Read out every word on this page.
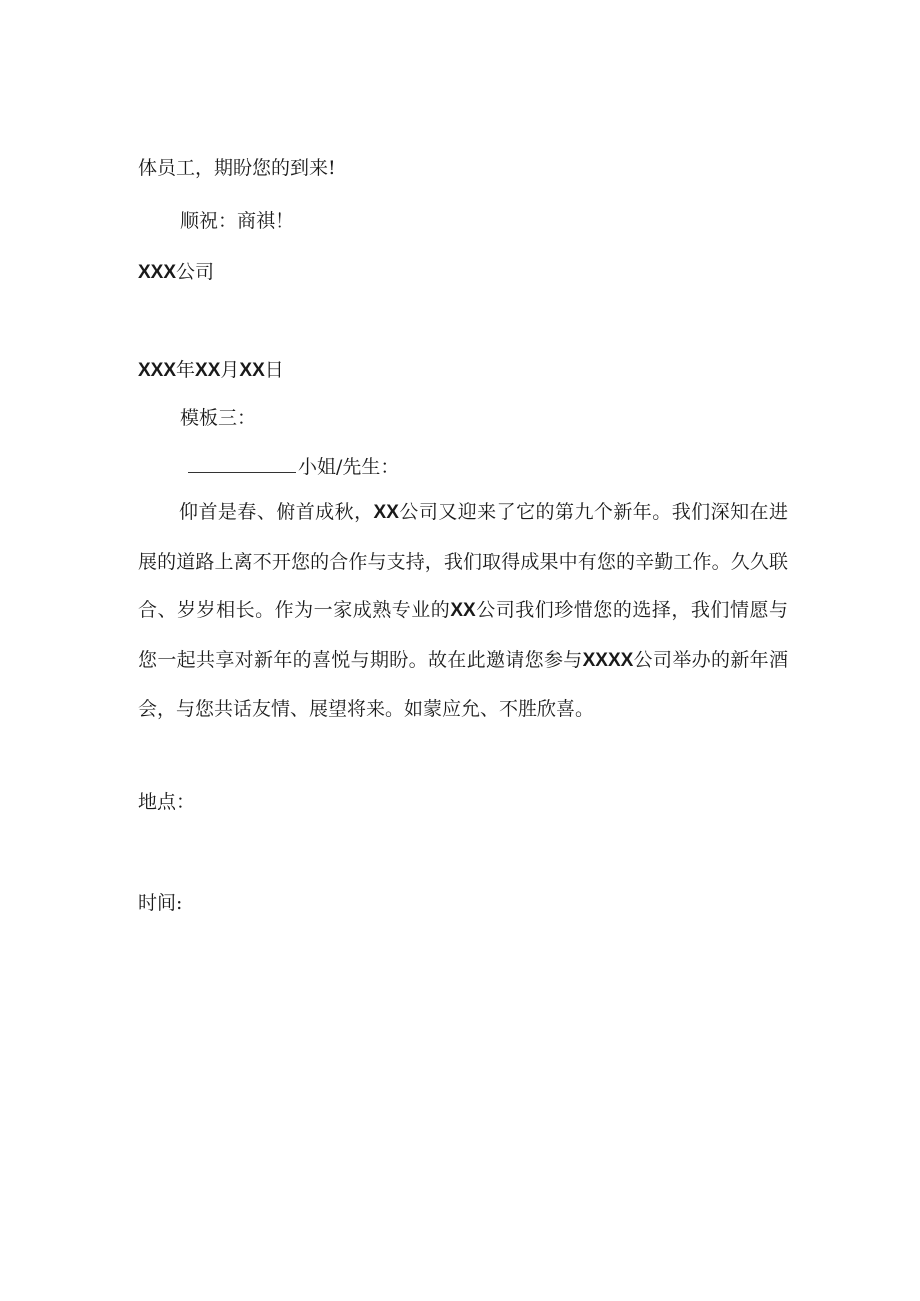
体员工，期盼您的到来!
顺祝：商祺！
XXX公司
XXX年XX月XX日
模板三：
小姐/先生：
仰首是春、俯首成秋，XX公司又迎来了它的第九个新年。我们深知在进展的道路上离不开您的合作与支持，我们取得成果中有您的辛勤工作。久久联合、岁岁相长。作为一家成熟专业的XX公司我们珍惜您的选择，我们情愿与您一起共享对新年的喜悦与期盼。故在此邀请您参与XXXX公司举办的新年酒会，与您共话友情、展望将来。如蒙应允、不胜欣喜。
地点：
时间:
